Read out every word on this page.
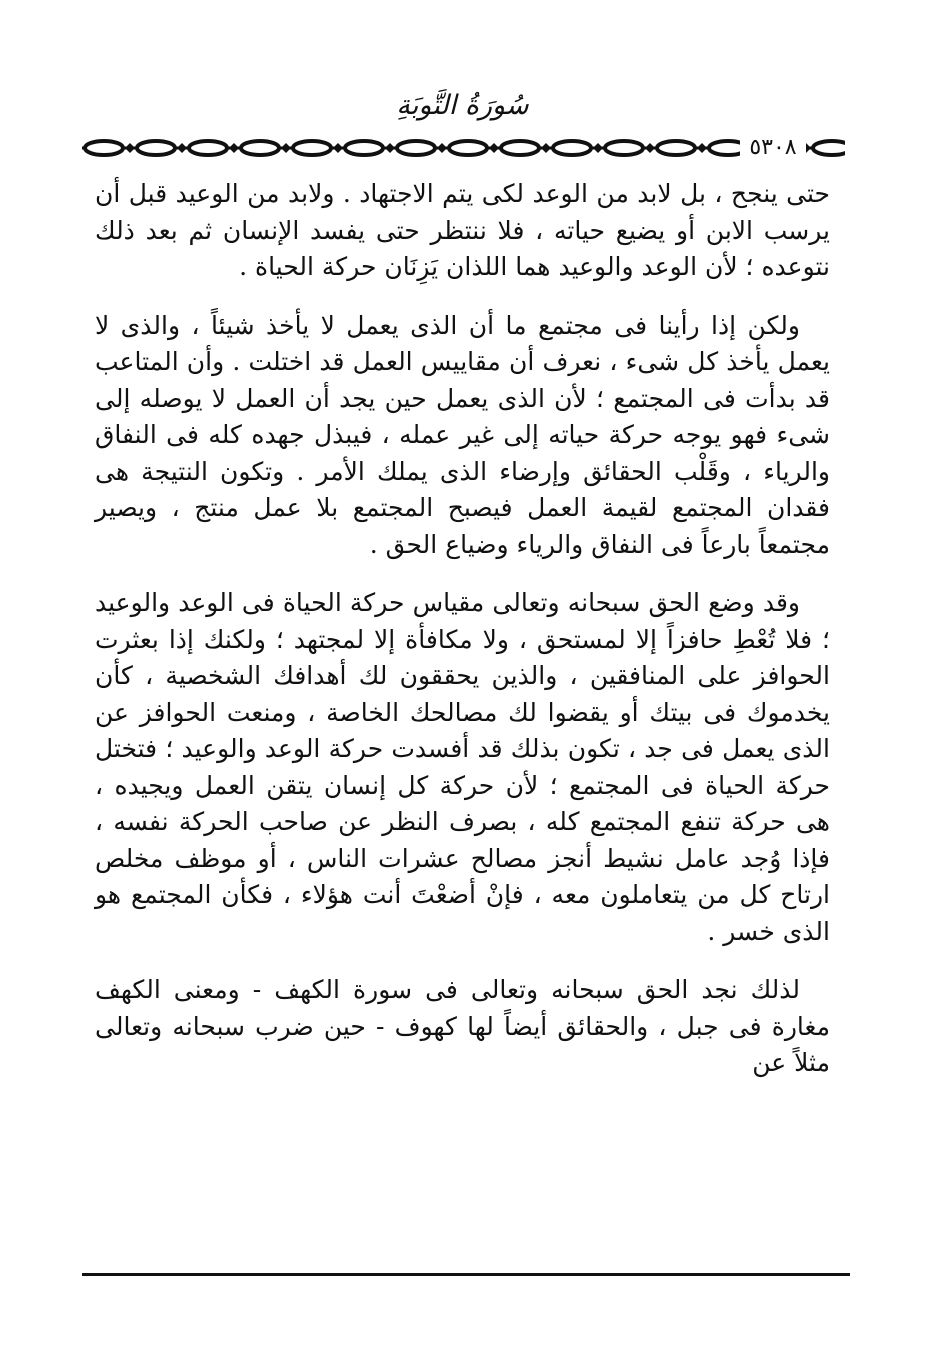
سُورَةُ التَّوبَةِ
٥٣٠٨

حتى ينجح ، بل لابد من الوعد لكى يتم الاجتهاد . ولابد من الوعيد قبل أن يرسب الابن أو يضيع حياته ، فلا ننتظر حتى يفسد الإنسان ثم بعد ذلك نتوعده ؛ لأن الوعد والوعيد هما اللذان يَزِنَان حركة الحياة .

ولكن إذا رأينا فى مجتمع ما أن الذى يعمل لا يأخذ شيئاً ، والذى لا يعمل يأخذ كل شىء ، نعرف أن مقاييس العمل قد اختلت . وأن المتاعب قد بدأت فى المجتمع ؛ لأن الذى يعمل حين يجد أن العمل لا يوصله إلى شىء فهو يوجه حركة حياته إلى غير عمله ، فيبذل جهده كله فى النفاق والرياء ، وقَلْب الحقائق وإرضاء الذى يملك الأمر . وتكون النتيجة هى فقدان المجتمع لقيمة العمل فيصبح المجتمع بلا عمل منتج ، ويصير مجتمعاً بارعاً فى النفاق والرياء وضياع الحق .

وقد وضع الحق سبحانه وتعالى مقياس حركة الحياة فى الوعد والوعيد ؛ فلا تُعْطِ حافزاً إلا لمستحق ، ولا مكافأة إلا لمجتهد ؛ ولكنك إذا بعثرت الحوافز على المنافقين ، والذين يحققون لك أهدافك الشخصية ، كأن يخدموك فى بيتك أو يقضوا لك مصالحك الخاصة ، ومنعت الحوافز عن الذى يعمل فى جد ، تكون بذلك قد أفسدت حركة الوعد والوعيد ؛ فتختل حركة الحياة فى المجتمع ؛ لأن حركة كل إنسان يتقن العمل ويجيده ، هى حركة تنفع المجتمع كله ، بصرف النظر عن صاحب الحركة نفسه ، فإذا وُجد عامل نشيط أنجز مصالح عشرات الناس ، أو موظف مخلص ارتاح كل من يتعاملون معه ، فإنْ أضعْتَ أنت هؤلاء ، فكأن المجتمع هو الذى خسر .

لذلك نجد الحق سبحانه وتعالى فى سورة الكهف - ومعنى الكهف مغارة فى جبل ، والحقائق أيضاً لها كهوف - حين ضرب سبحانه وتعالى مثلاً عن
